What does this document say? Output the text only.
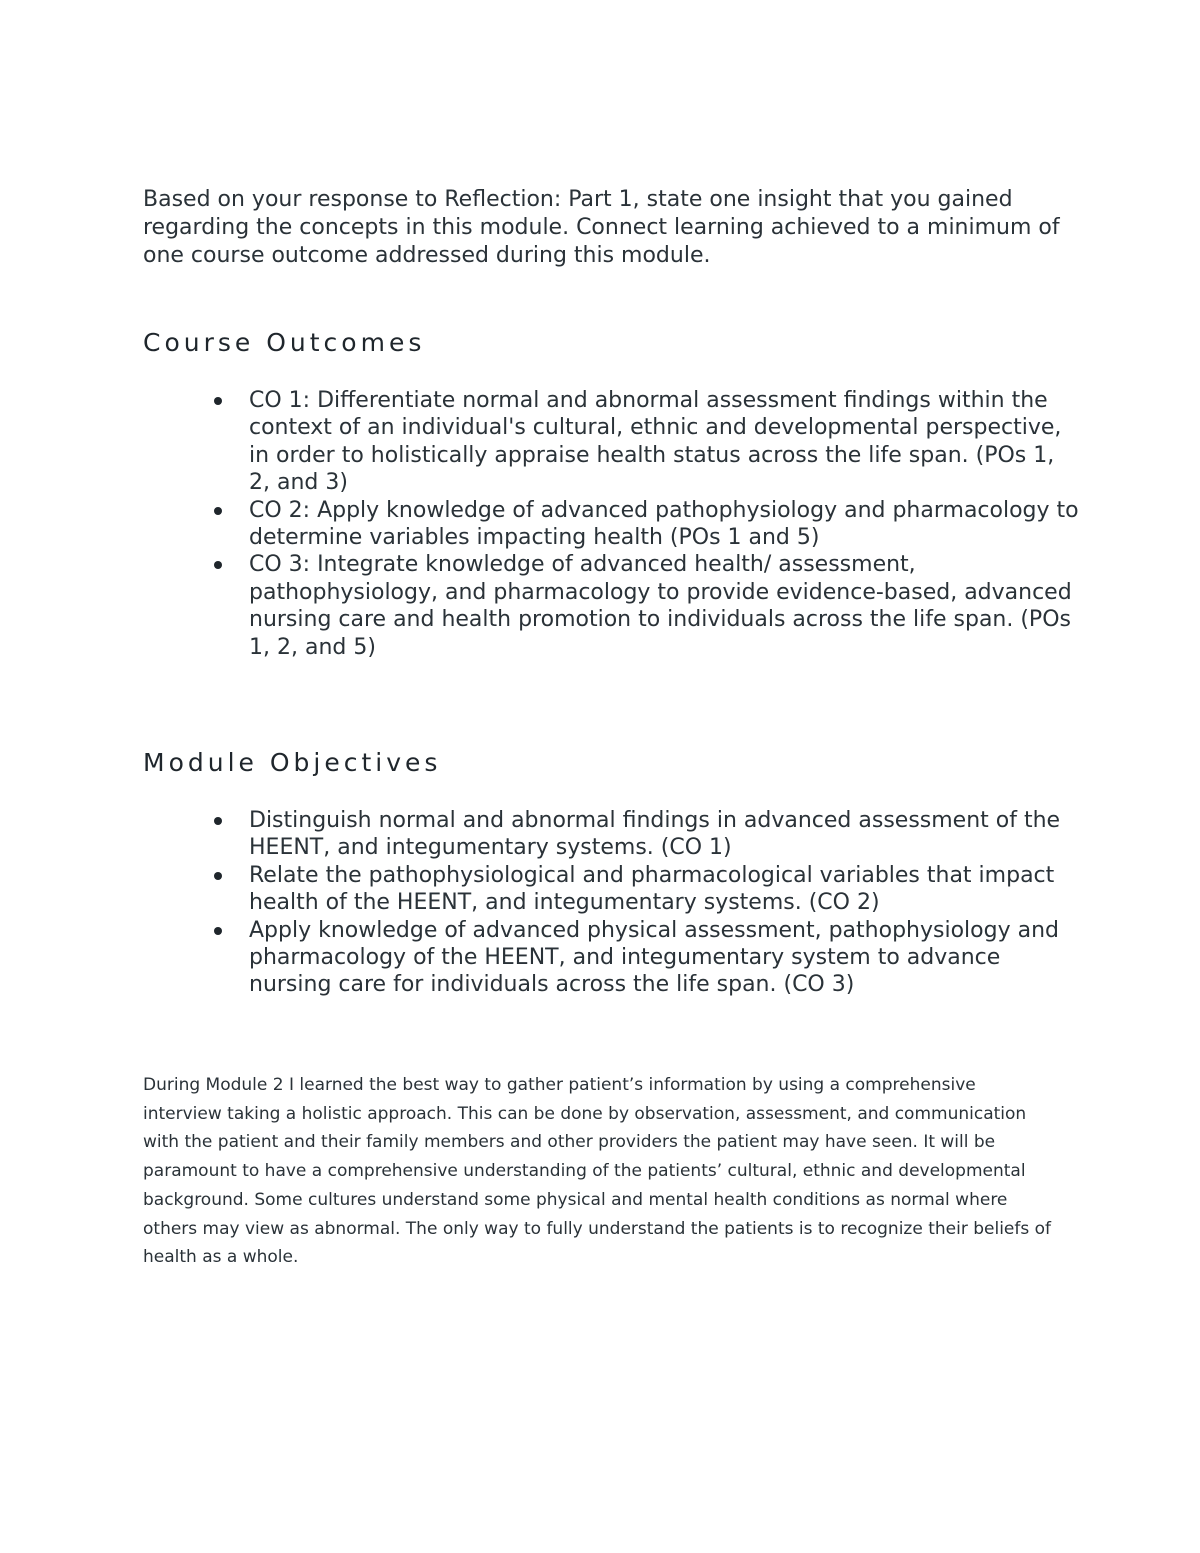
Based on your response to Reflection: Part 1, state one insight that you gained regarding the concepts in this module. Connect learning achieved to a minimum of one course outcome addressed during this module.

Course Outcomes
CO 1: Differentiate normal and abnormal assessment findings within the context of an individual's cultural, ethnic and developmental perspective, in order to holistically appraise health status across the life span. (POs 1, 2, and 3)
CO 2: Apply knowledge of advanced pathophysiology and pharmacology to determine variables impacting health (POs 1 and 5)
CO 3: Integrate knowledge of advanced health/ assessment, pathophysiology, and pharmacology to provide evidence-based, advanced nursing care and health promotion to individuals across the life span. (POs 1, 2, and 5)
Module Objectives
Distinguish normal and abnormal findings in advanced assessment of the HEENT, and integumentary systems. (CO 1)
Relate the pathophysiological and pharmacological variables that impact health of the HEENT, and integumentary systems. (CO 2)
Apply knowledge of advanced physical assessment, pathophysiology and pharmacology of the HEENT, and integumentary system to advance nursing care for individuals across the life span. (CO 3)

During Module 2 I learned the best way to gather patient’s information by using a comprehensive interview taking a holistic approach. This can be done by observation, assessment, and communication with the patient and their family members and other providers the patient may have seen. It will be paramount to have a comprehensive understanding of the patients’ cultural, ethnic and developmental background. Some cultures understand some physical and mental health conditions as normal where others may view as abnormal. The only way to fully understand the patients is to recognize their beliefs of health as a whole.
